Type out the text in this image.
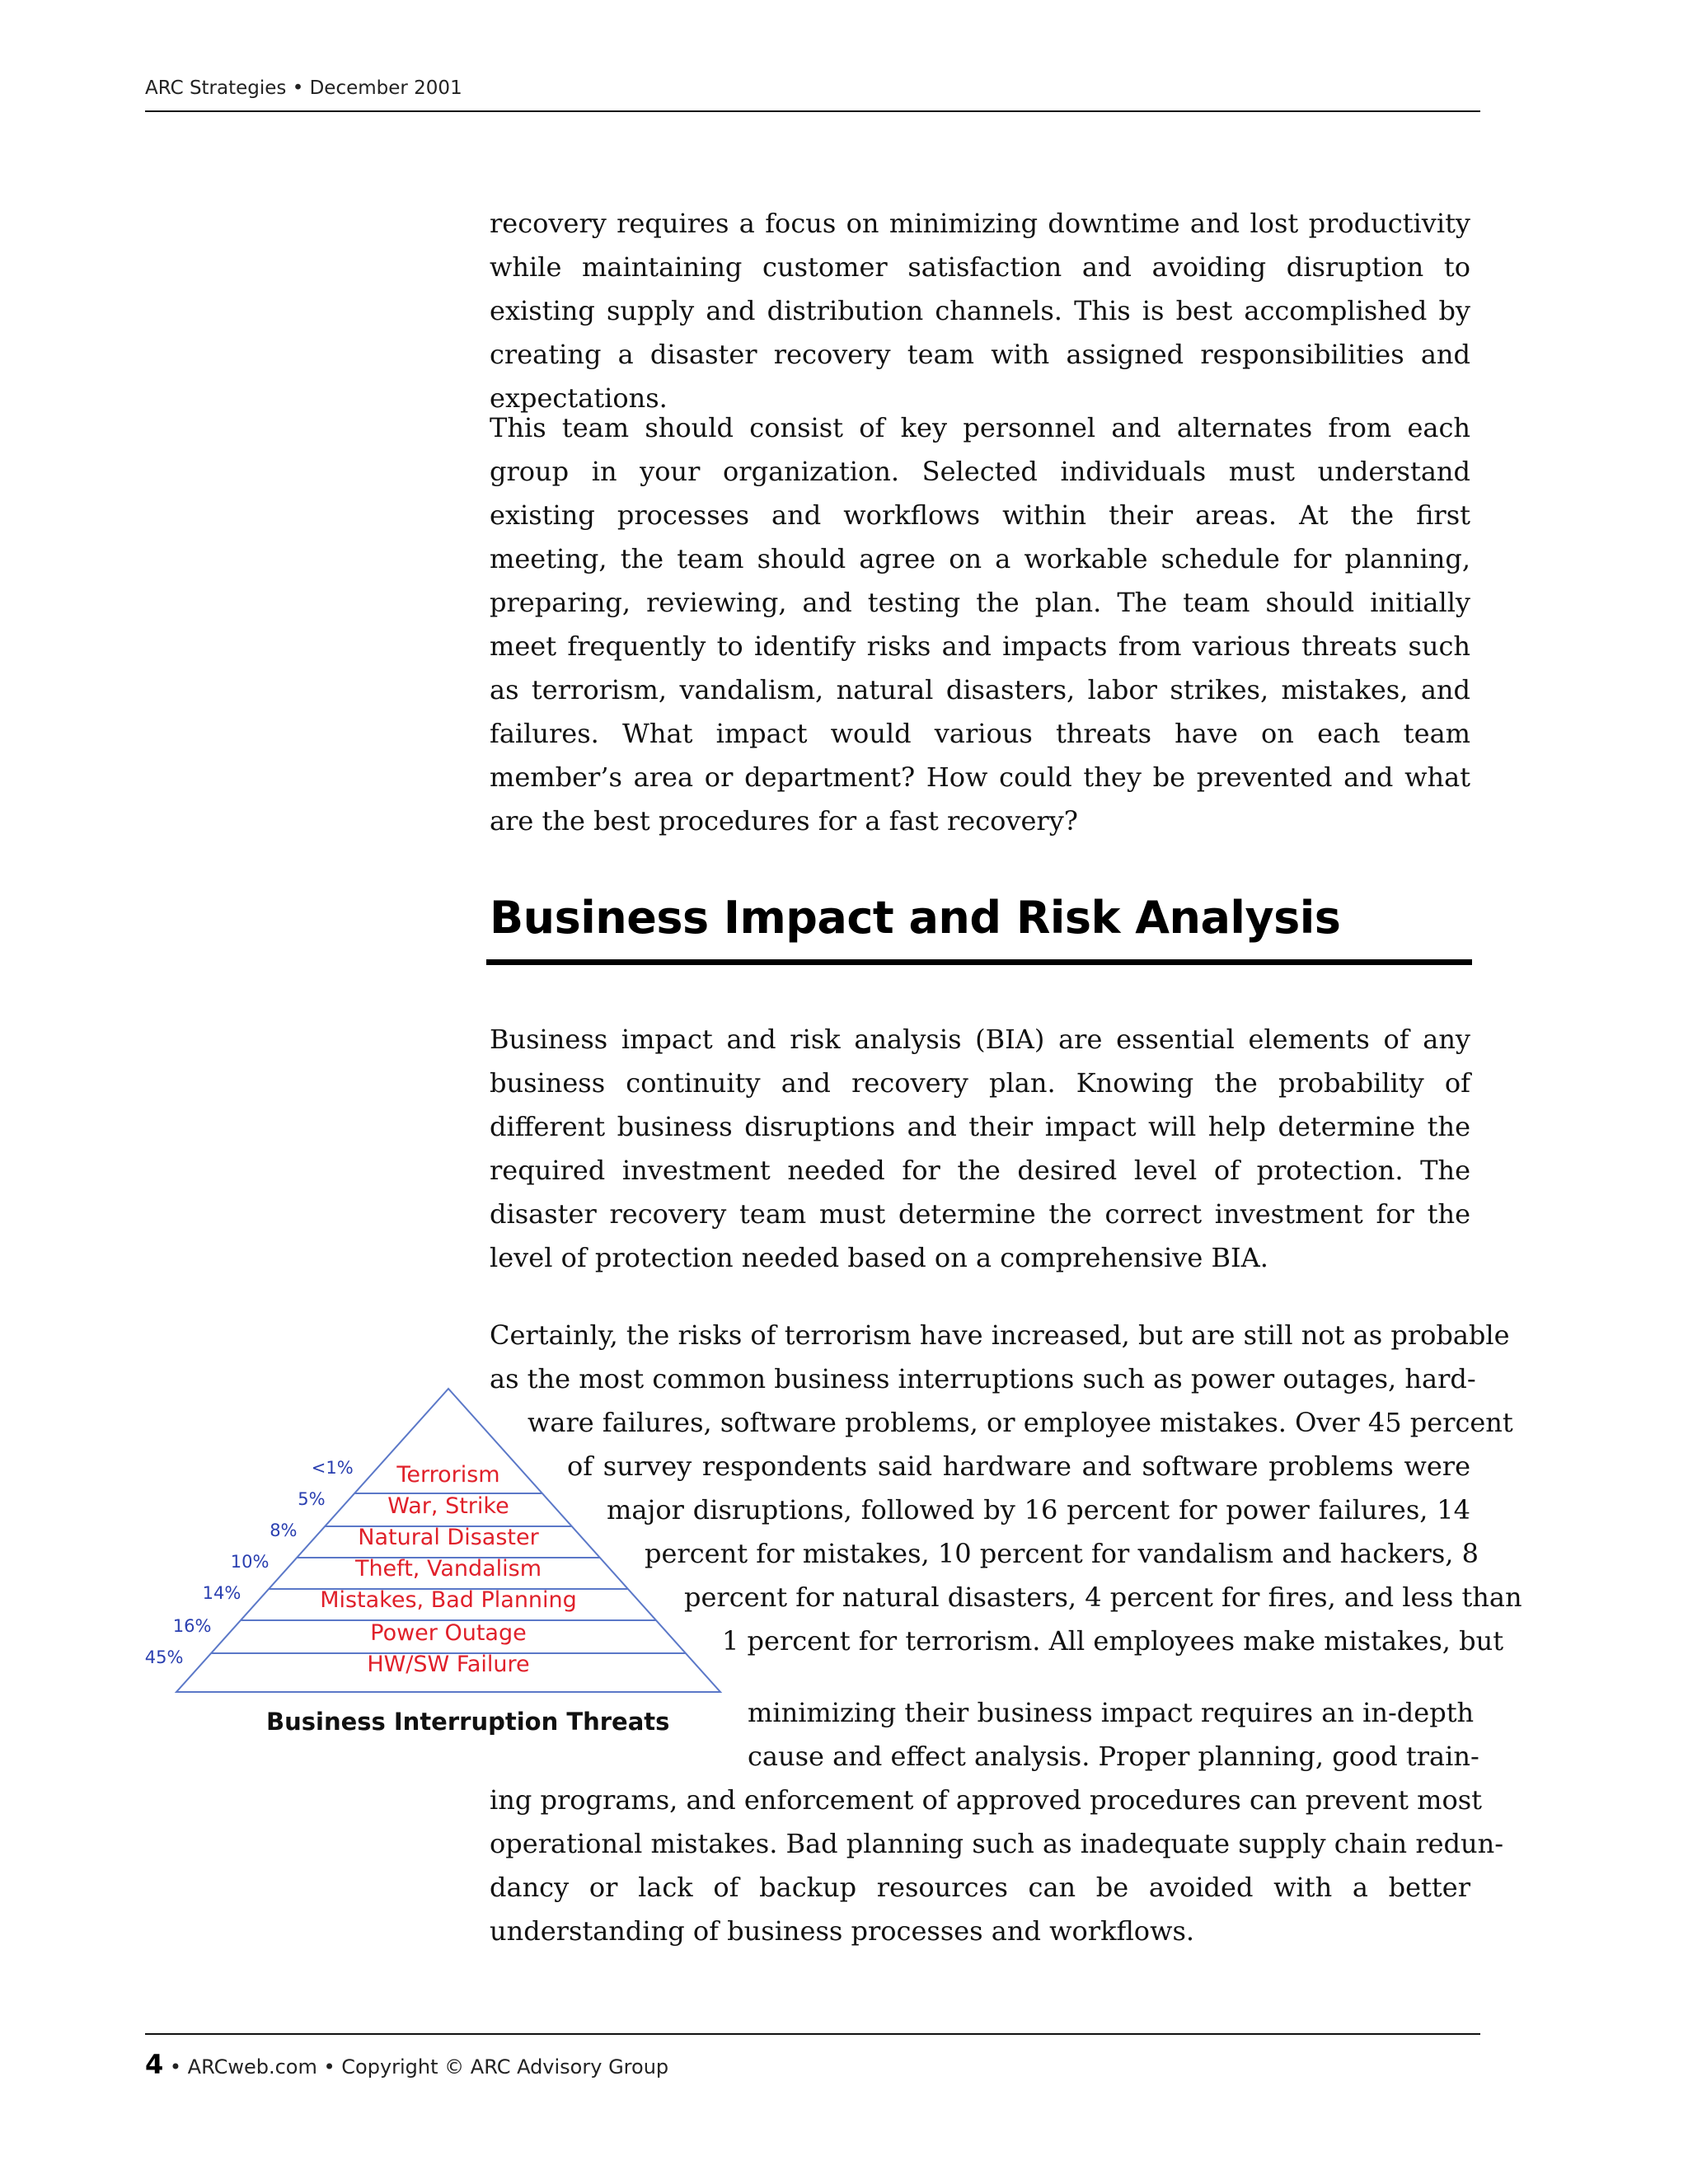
ARC Strategies • December 2001

recovery requires a focus on minimizing downtime and lost productivity while maintaining customer satisfaction and avoiding disruption to existing supply and distribution channels. This is best accomplished by creating a disaster recovery team with assigned responsibilities and expectations.

This team should consist of key personnel and alternates from each group in your organization. Selected individuals must understand existing processes and workflows within their areas. At the first meeting, the team should agree on a workable schedule for planning, preparing, reviewing, and testing the plan. The team should initially meet frequently to identify risks and impacts from various threats such as terrorism, vandalism, natural disasters, labor strikes, mistakes, and failures. What impact would various threats have on each team member’s area or department? How could they be prevented and what are the best procedures for a fast recovery?

Business Impact and Risk Analysis

Business impact and risk analysis (BIA) are essential elements of any business continuity and recovery plan. Knowing the probability of different business disruptions and their impact will help determine the required investment needed for the desired level of protection. The disaster recovery team must determine the correct investment for the level of protection needed based on a comprehensive BIA.

Certainly, the risks of terrorism have increased, but are still not as probable
as the most common business interruptions such as power outages, hard-
ware failures, software problems, or employee mistakes. Over 45 percent
of survey respondents said hardware and software problems were
major disruptions, followed by 16 percent for power failures, 14
percent for mistakes, 10 percent for vandalism and hackers, 8
percent for natural disasters, 4 percent for fires, and less than
1 percent for terrorism. All employees make mistakes, but
minimizing their business impact requires an in-depth
cause and effect analysis. Proper planning, good train-
ing programs, and enforcement of approved procedures can prevent most
operational mistakes. Bad planning such as inadequate supply chain redun-
dancy or lack of backup resources can be avoided with a better
understanding of business processes and workflows.
Terrorism
<1%
War, Strike
5%
Natural Disaster
8%
Theft, Vandalism
10%
Mistakes, Bad Planning
14%
Power Outage
16%
HW/SW Failure
45%
Business Interruption Threats
4 • ARCweb.com • Copyright © ARC Advisory Group
